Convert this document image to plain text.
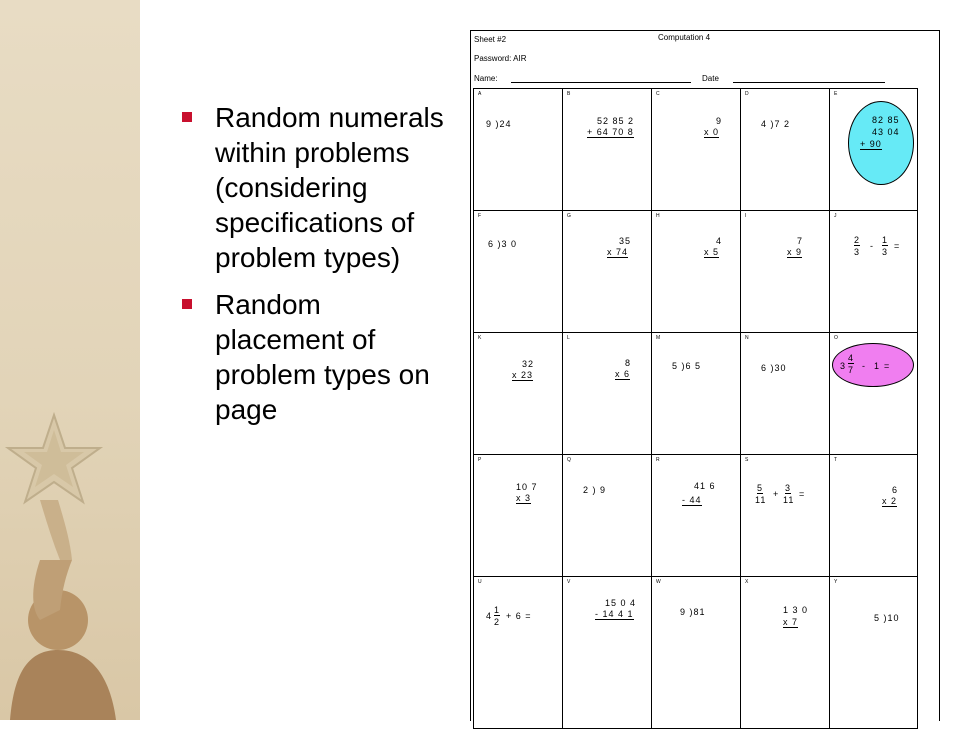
Random numerals within problems (considering specifications of problem types)
Random placement of problem types on page
Sheet #2	Computation 4
Password: AIR
Name:	Date
A
9 )24
B
52 85 2
+ 64 70 8
C
9
x 0
D
4 )7 2
E
82 85
43 04
+ 90
F
6 )3 0
G
35
x 74
H
4
x 5
I
7
x 9
J
2
3
-
1
3
=
K
32
x 23
L
8
x 6
M
5 )6 5
N
6 )30
O
3
4
7 - 1 =
P
10 7
x 3
Q
2 ) 9
R
41 6
- 44
S
5
11
+
3
11
=
T
6
x 2
U
4
1
2
+ 6 =
V
15 0 4
- 14 4 1
W
9 )81
X
1 3 0
x 7
Y
5 )10
